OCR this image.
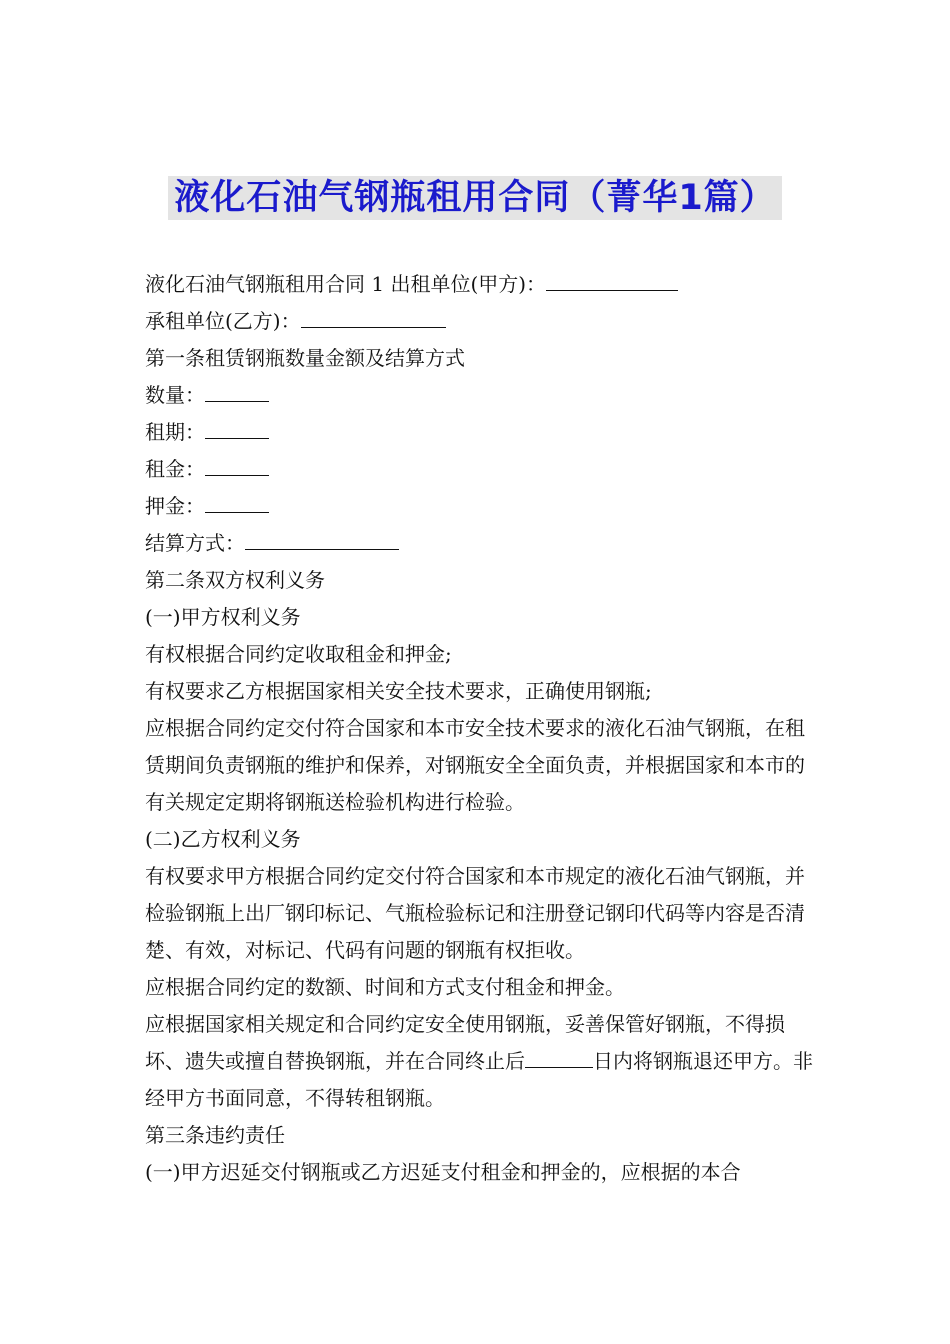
液化石油气钢瓶租用合同（菁华1篇）

液化石油气钢瓶租用合同 1 出租单位(甲方)：

承租单位(乙方)：

第一条租赁钢瓶数量金额及结算方式

数量：

租期：

租金：

押金：

结算方式：

第二条双方权利义务

(一)甲方权利义务

有权根据合同约定收取租金和押金;

有权要求乙方根据国家相关安全技术要求，正确使用钢瓶;

应根据合同约定交付符合国家和本市安全技术要求的液化石油气钢瓶，在租赁期间负责钢瓶的维护和保养，对钢瓶安全全面负责，并根据国家和本市的有关规定定期将钢瓶送检验机构进行检验。

(二)乙方权利义务

有权要求甲方根据合同约定交付符合国家和本市规定的液化石油气钢瓶，并检验钢瓶上出厂钢印标记、气瓶检验标记和注册登记钢印代码等内容是否清楚、有效，对标记、代码有问题的钢瓶有权拒收。

应根据合同约定的数额、时间和方式支付租金和押金。

应根据国家相关规定和合同约定安全使用钢瓶，妥善保管好钢瓶，不得损坏、遗失或擅自替换钢瓶，并在合同终止后	日内将钢瓶退还甲方。非经甲方书面同意，不得转租钢瓶。

第三条违约责任

(一)甲方迟延交付钢瓶或乙方迟延支付租金和押金的，应根据的本合
